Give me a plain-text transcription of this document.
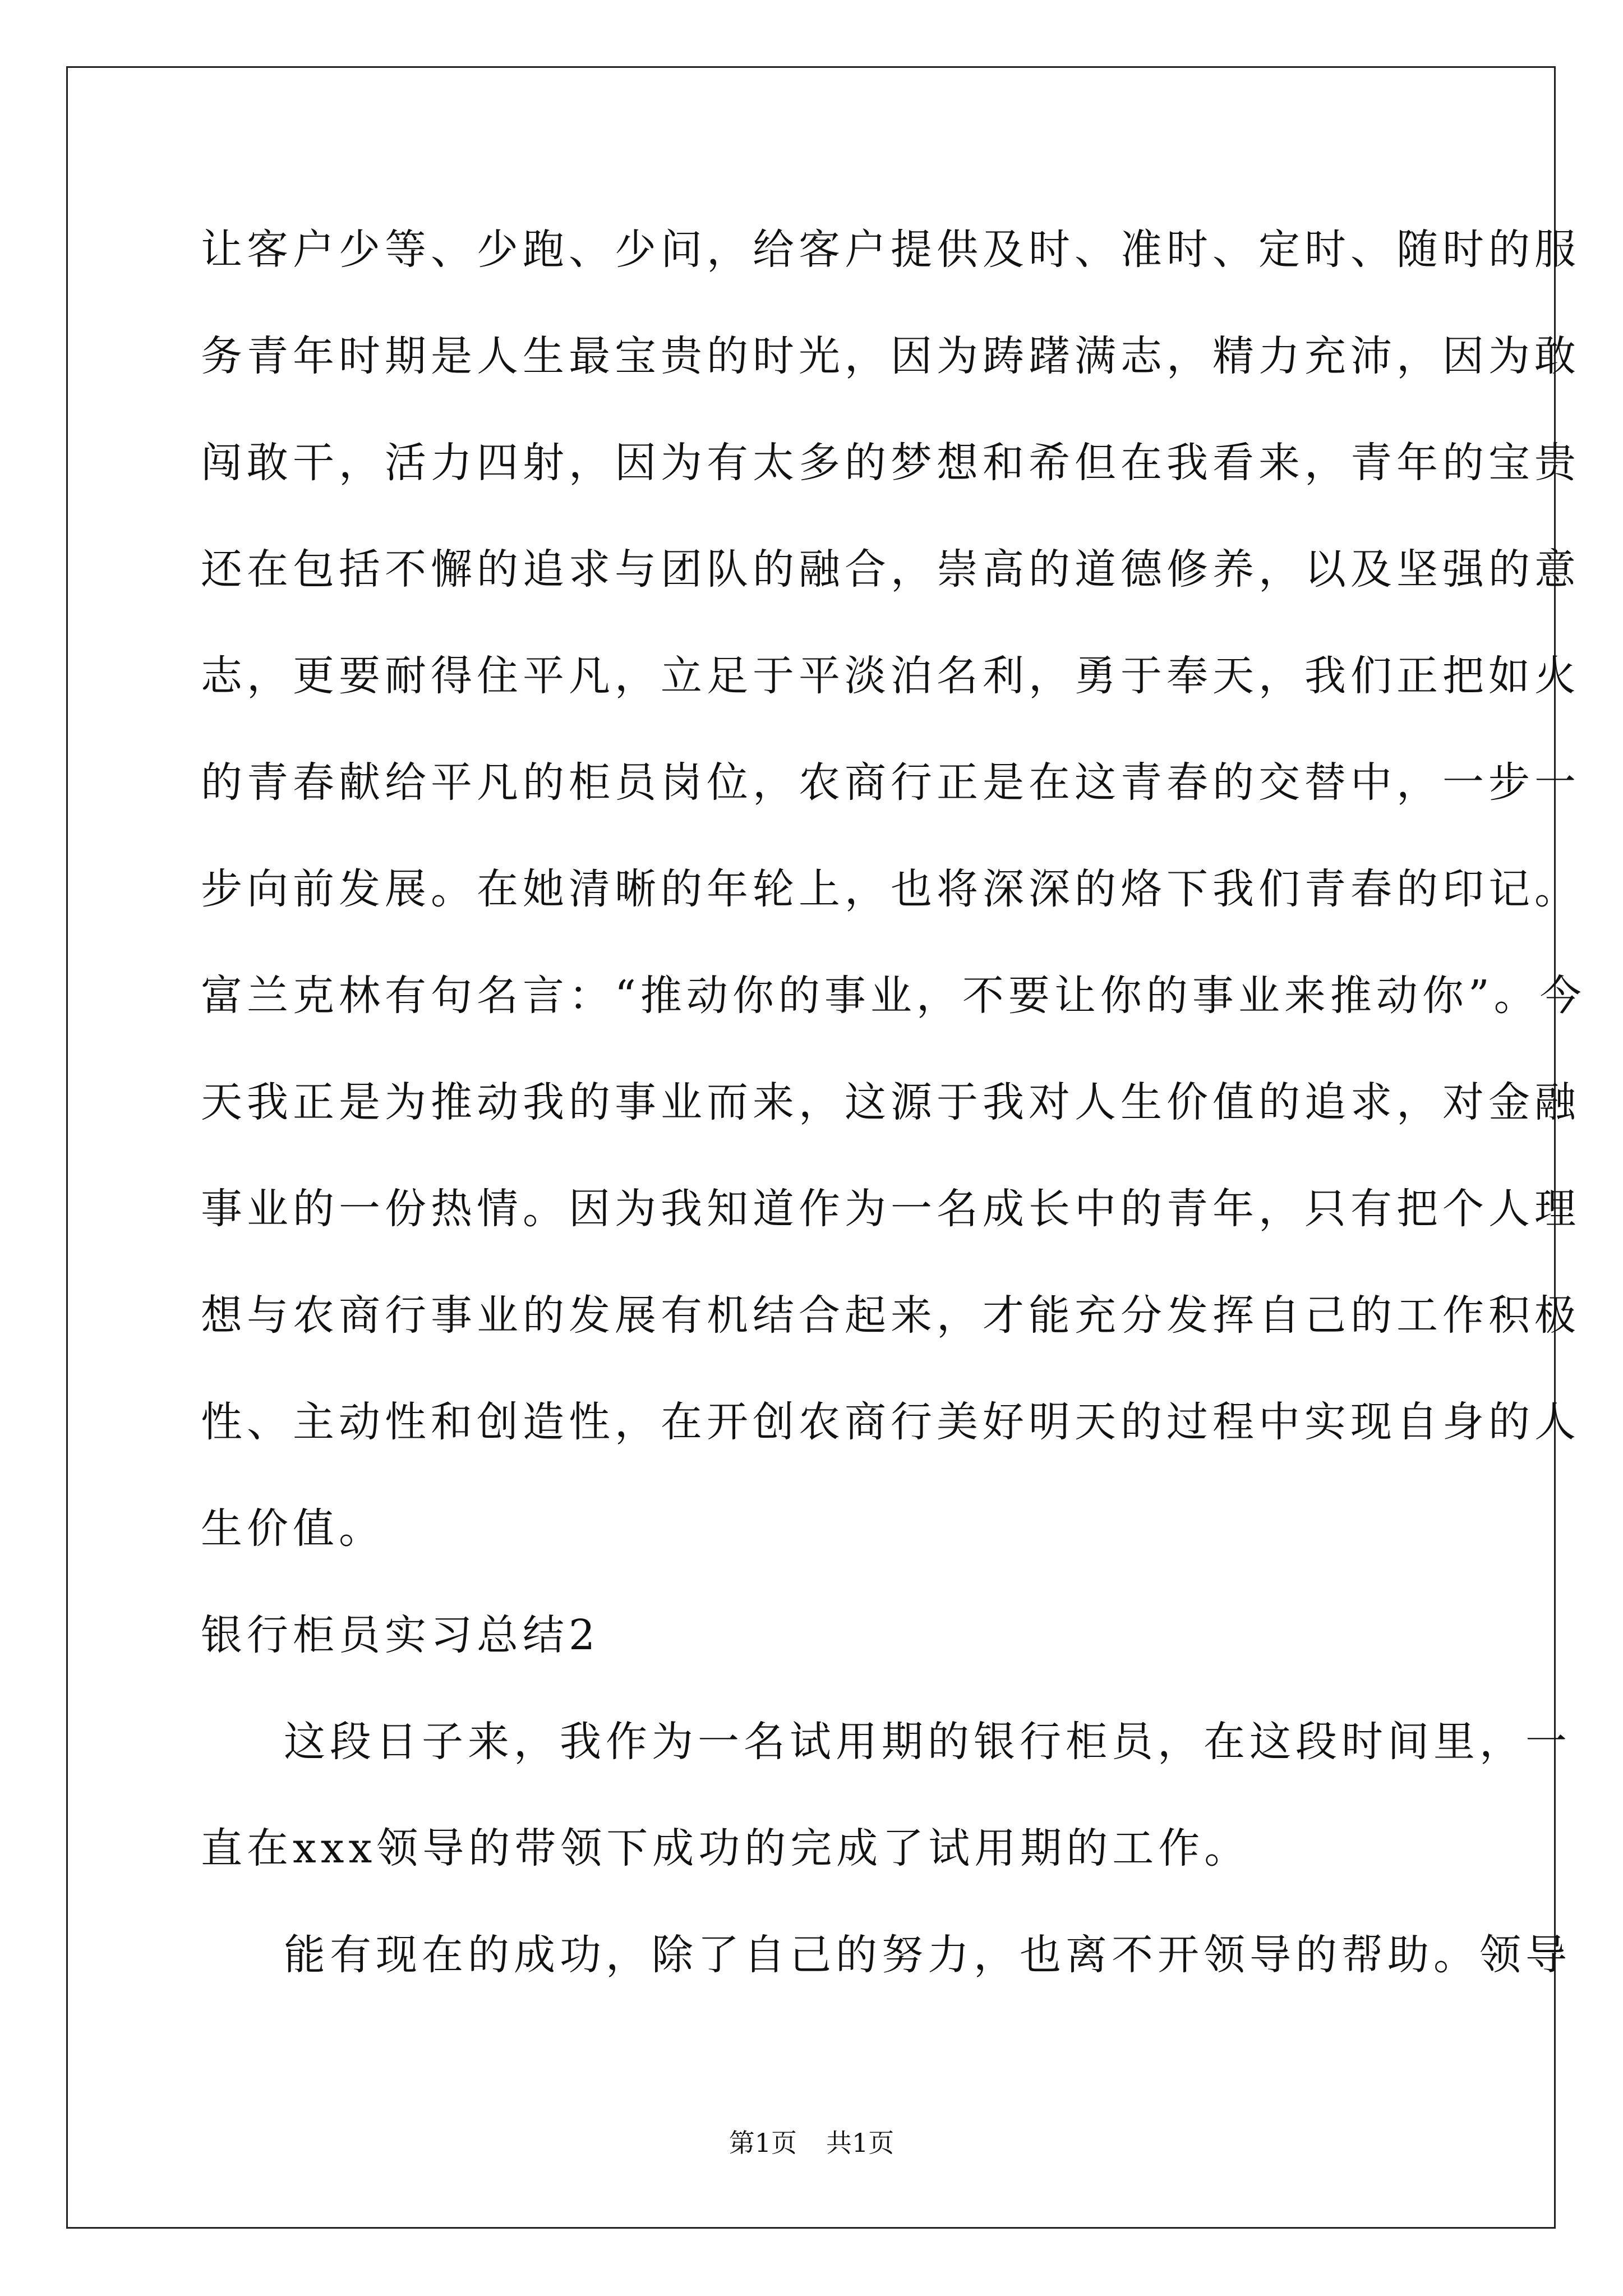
让客户少等、少跑、少问，给客户提供及时、准时、定时、随时的服
务青年时期是人生最宝贵的时光，因为踌躇满志，精力充沛，因为敢
闯敢干，活力四射，因为有太多的梦想和希但在我看来，青年的宝贵
还在包括不懈的追求与团队的融合，崇高的道德修养，以及坚强的意
志，更要耐得住平凡，立足于平淡泊名利，勇于奉天，我们正把如火
的青春献给平凡的柜员岗位，农商行正是在这青春的交替中，一步一
步向前发展。在她清晰的年轮上，也将深深的烙下我们青春的印记。
富兰克林有句名言：“推动你的事业，不要让你的事业来推动你”。今
天我正是为推动我的事业而来，这源于我对人生价值的追求，对金融
事业的一份热情。因为我知道作为一名成长中的青年，只有把个人理
想与农商行事业的发展有机结合起来，才能充分发挥自己的工作积极
性、主动性和创造性，在开创农商行美好明天的过程中实现自身的人
生价值。
银行柜员实习总结2
这段日子来，我作为一名试用期的银行柜员，在这段时间里，一
直在xxx领导的带领下成功的完成了试用期的工作。
能有现在的成功，除了自己的努力，也离不开领导的帮助。领导
第1页 共1页
